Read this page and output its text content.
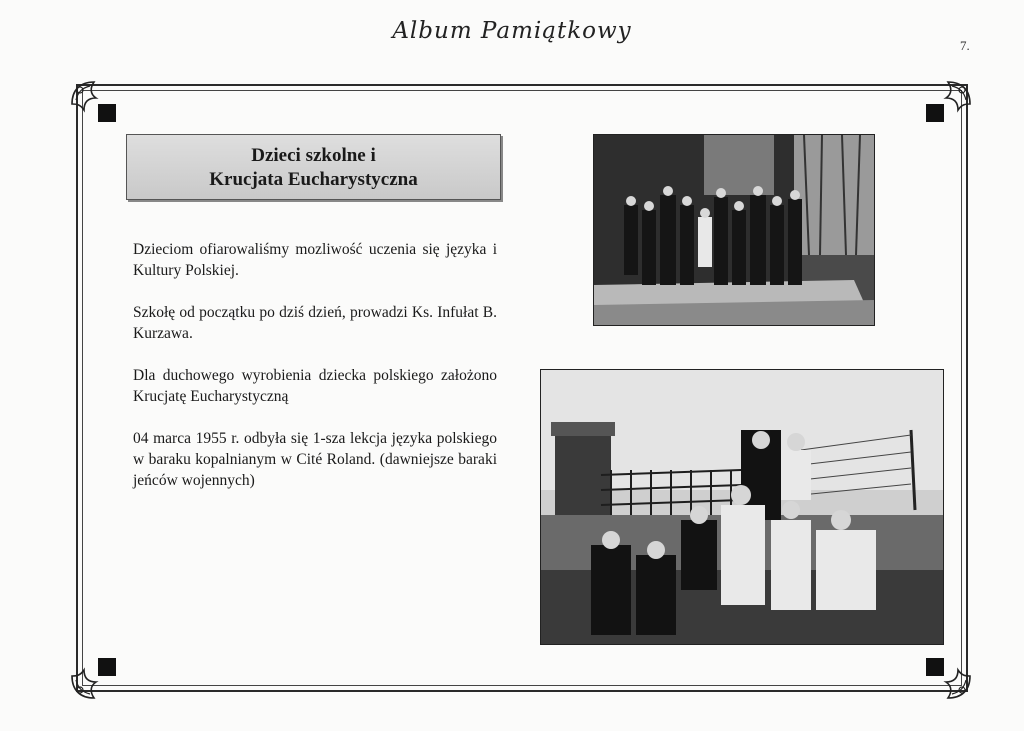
Album Pamiątkowy
7.
Dzieci szkolne i
Krucjata Eucharystyczna

Dzieciom ofiarowaliśmy mozliwość uczenia się języka i Kultury Polskiej.

Szkołę od początku po dziś dzień, prowadzi Ks. Infułat B. Kurzawa.

Dla duchowego wyrobienia dziecka polskiego założono Krucjatę Eucharystyczną

04 marca 1955 r. odbyła się 1-sza lekcja języka polskiego w baraku kopalnianym w Cité Roland. (dawniejsze baraki jeńców wojennych)
